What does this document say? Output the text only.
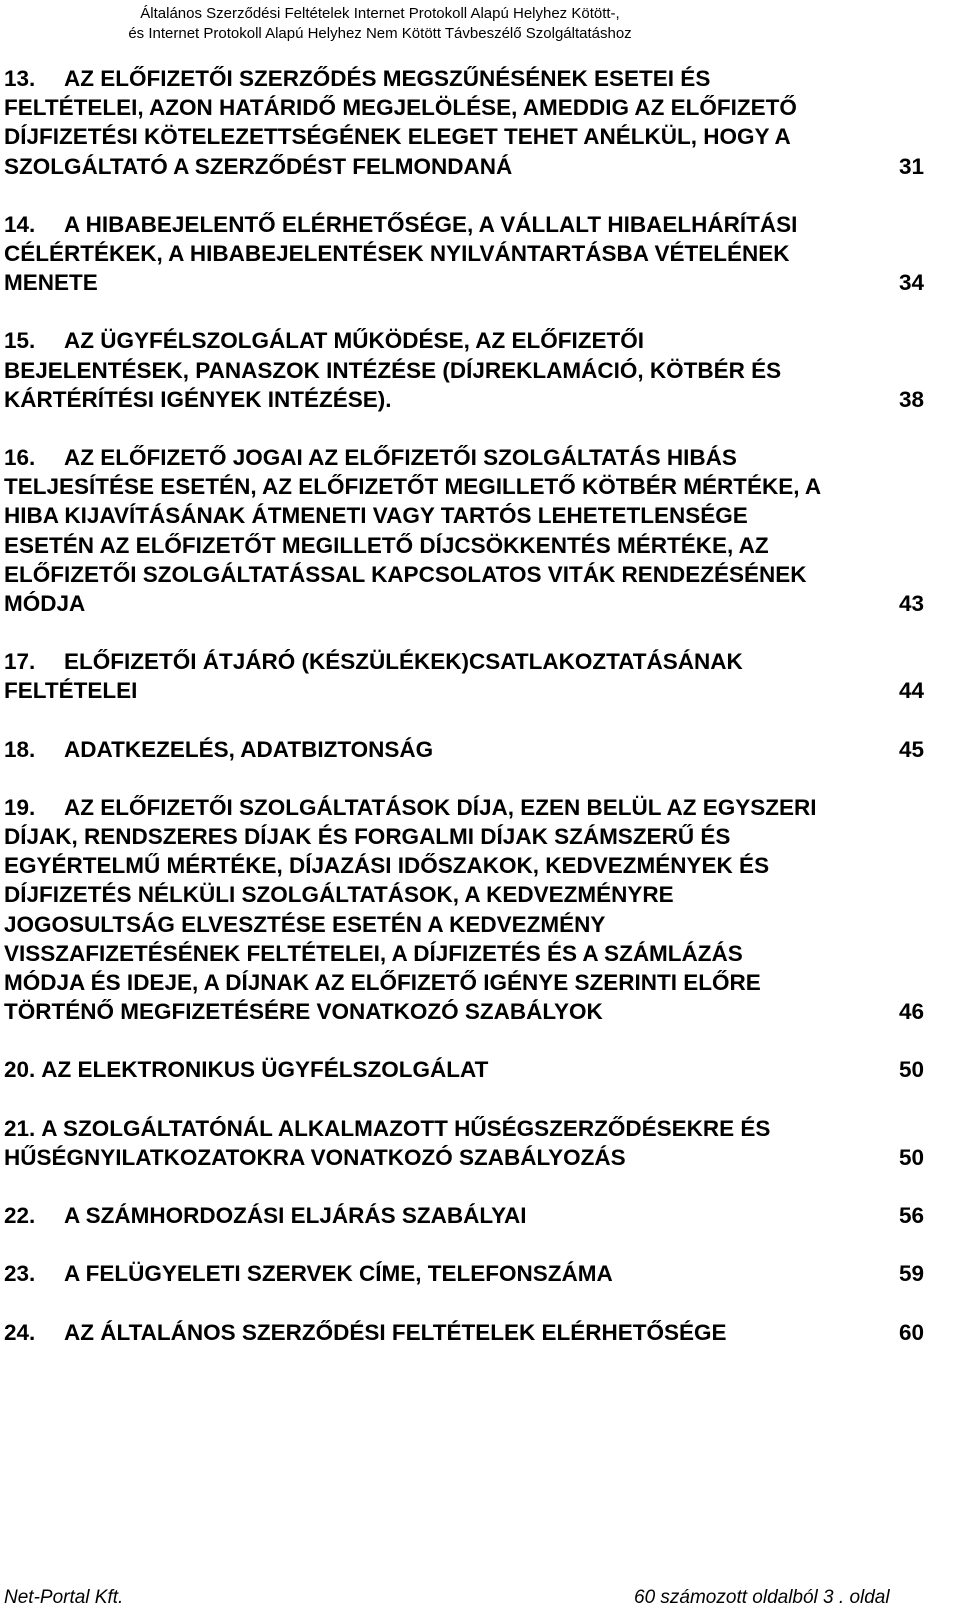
Általános Szerződési Feltételek Internet Protokoll Alapú Helyhez Kötött-,
és Internet Protokoll Alapú Helyhez Nem Kötött Távbeszélő Szolgáltatáshoz
13. AZ ELŐFIZETŐI SZERZŐDÉS MEGSZŰNÉSÉNEK ESETEI ÉS
FELTÉTELEI, AZON HATÁRIDŐ MEGJELÖLÉSE, AMEDDIG AZ ELŐFIZETŐ
DÍJFIZETÉSI KÖTELEZETTSÉGÉNEK ELEGET TEHET ANÉLKÜL, HOGY A
SZOLGÁLTATÓ A SZERZŐDÉST FELMONDANÁ	31
14. A HIBABEJELENTŐ ELÉRHETŐSÉGE, A VÁLLALT HIBAELHÁRÍTÁSI
CÉLÉRTÉKEK, A HIBABEJELENTÉSEK NYILVÁNTARTÁSBA VÉTELÉNEK
MENETE	34
15. AZ ÜGYFÉLSZOLGÁLAT MŰKÖDÉSE, AZ ELŐFIZETŐI
BEJELENTÉSEK, PANASZOK INTÉZÉSE (DÍJREKLAMÁCIÓ, KÖTBÉR ÉS
KÁRTÉRÍTÉSI IGÉNYEK INTÉZÉSE).	38
16. AZ ELŐFIZETŐ JOGAI AZ ELŐFIZETŐI SZOLGÁLTATÁS HIBÁS
TELJESÍTÉSE ESETÉN, AZ ELŐFIZETŐT MEGILLETŐ KÖTBÉR MÉRTÉKE, A
HIBA KIJAVÍTÁSÁNAK ÁTMENETI VAGY TARTÓS LEHETETLENSÉGE
ESETÉN AZ ELŐFIZETŐT MEGILLETŐ DÍJCSÖKKENTÉS MÉRTÉKE, AZ
ELŐFIZETŐI SZOLGÁLTATÁSSAL KAPCSOLATOS VITÁK RENDEZÉSÉNEK
MÓDJA	43
17. ELŐFIZETŐI ÁTJÁRÓ (KÉSZÜLÉKEK)CSATLAKOZTATÁSÁNAK
FELTÉTELEI	44
18. ADATKEZELÉS, ADATBIZTONSÁG	45
19. AZ ELŐFIZETŐI SZOLGÁLTATÁSOK DÍJA, EZEN BELÜL AZ EGYSZERI
DÍJAK, RENDSZERES DÍJAK ÉS FORGALMI DÍJAK SZÁMSZERŰ ÉS
EGYÉRTELMŰ MÉRTÉKE, DÍJAZÁSI IDŐSZAKOK, KEDVEZMÉNYEK ÉS
DÍJFIZETÉS NÉLKÜLI SZOLGÁLTATÁSOK, A KEDVEZMÉNYRE
JOGOSULTSÁG ELVESZTÉSE ESETÉN A KEDVEZMÉNY
VISSZAFIZETÉSÉNEK FELTÉTELEI, A DÍJFIZETÉS ÉS A SZÁMLÁZÁS
MÓDJA ÉS IDEJE, A DÍJNAK AZ ELŐFIZETŐ IGÉNYE SZERINTI ELŐRE
TÖRTÉNŐ MEGFIZETÉSÉRE VONATKOZÓ SZABÁLYOK	46
20. AZ ELEKTRONIKUS ÜGYFÉLSZOLGÁLAT	50
21. A SZOLGÁLTATÓNÁL ALKALMAZOTT HŰSÉGSZERZŐDÉSEKRE ÉS
HŰSÉGNYILATKOZATOKRA VONATKOZÓ SZABÁLYOZÁS	50
22. A SZÁMHORDOZÁSI ELJÁRÁS SZABÁLYAI	56
23. A FELÜGYELETI SZERVEK CÍME, TELEFONSZÁMA	59
24. AZ ÁLTALÁNOS SZERZŐDÉSI FELTÉTELEK ELÉRHETŐSÉGE	60
Net-Portal Kft.	60 számozott oldalból 3 . oldal
